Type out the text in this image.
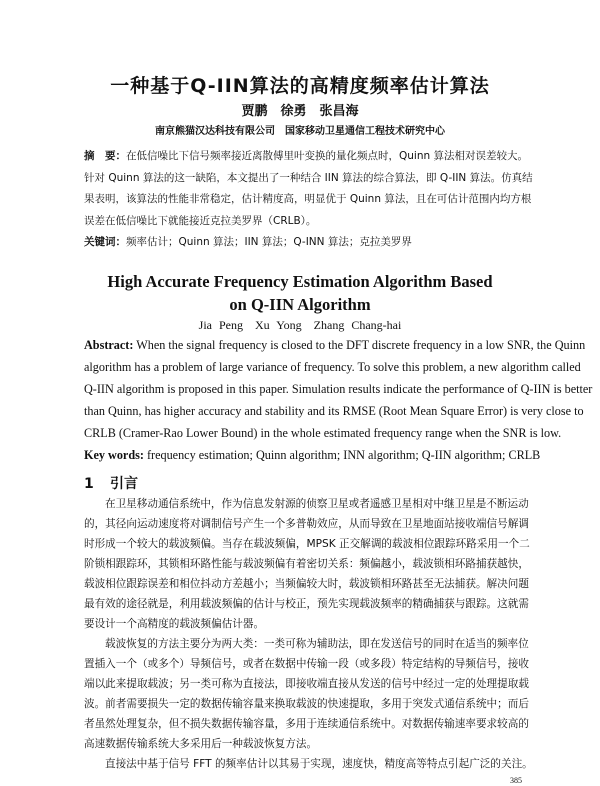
一种基于Q-IIN算法的高精度频率估计算法
贾鹏　徐勇　张昌海
南京熊猫汉达科技有限公司　国家移动卫星通信工程技术研究中心
摘　要：在低信噪比下信号频率接近离散傅里叶变换的量化频点时，Quinn 算法相对误差较大。
针对 Quinn 算法的这一缺陷，本文提出了一种结合 IIN 算法的综合算法，即 Q-IIN 算法。仿真结
果表明，该算法的性能非常稳定，估计精度高，明显优于 Quinn 算法，且在可估计范围内均方根
误差在低信噪比下就能接近克拉美罗界（CRLB）。
关键词：频率估计；Quinn 算法；IIN 算法；Q-INN 算法；克拉美罗界
High Accurate Frequency Estimation Algorithm Based
on Q-IIN Algorithm
Jia Peng　Xu Yong　Zhang Chang-hai
Abstract: When the signal frequency is closed to the DFT discrete frequency in a low SNR, the Quinn
algorithm has a problem of large variance of frequency. To solve this problem, a new algorithm called
Q-IIN algorithm is proposed in this paper. Simulation results indicate the performance of Q-IIN is better
than Quinn, has higher accuracy and stability and its RMSE (Root Mean Square Error) is very close to
CRLB (Cramer-Rao Lower Bound) in the whole estimated frequency range when the SNR is low.
Key words: frequency estimation; Quinn algorithm; INN algorithm; Q-IIN algorithm; CRLB
1 引言
在卫星移动通信系统中，作为信息发射源的侦察卫星或者遥感卫星相对中继卫星是不断运动
的，其径向运动速度将对调制信号产生一个多普勒效应，从而导致在卫星地面站接收端信号解调
时形成一个较大的载波频偏。当存在载波频偏，MPSK 正交解调的载波相位跟踪环路采用一个二
阶锁相跟踪环，其锁相环路性能与载波频偏有着密切关系：频偏越小，载波锁相环路捕获越快，
载波相位跟踪误差和相位抖动方差越小；当频偏较大时，载波锁相环路甚至无法捕获。解决问题
最有效的途径就是，利用载波频偏的估计与校正，预先实现载波频率的精确捕获与跟踪。这就需
要设计一个高精度的载波频偏估计器。
载波恢复的方法主要分为两大类：一类可称为辅助法，即在发送信号的同时在适当的频率位
置插入一个（或多个）导频信号，或者在数据中传输一段（或多段）特定结构的导频信号，接收
端以此来提取载波；另一类可称为直接法，即接收端直接从发送的信号中经过一定的处理提取载
波。前者需要损失一定的数据传输容量来换取载波的快速提取，多用于突发式通信系统中；而后
者虽然处理复杂，但不损失数据传输容量，多用于连续通信系统中。对数据传输速率要求较高的
高速数据传输系统大多采用后一种载波恢复方法。
直接法中基于信号 FFT 的频率估计以其易于实现，速度快，精度高等特点引起广泛的关注。
385
